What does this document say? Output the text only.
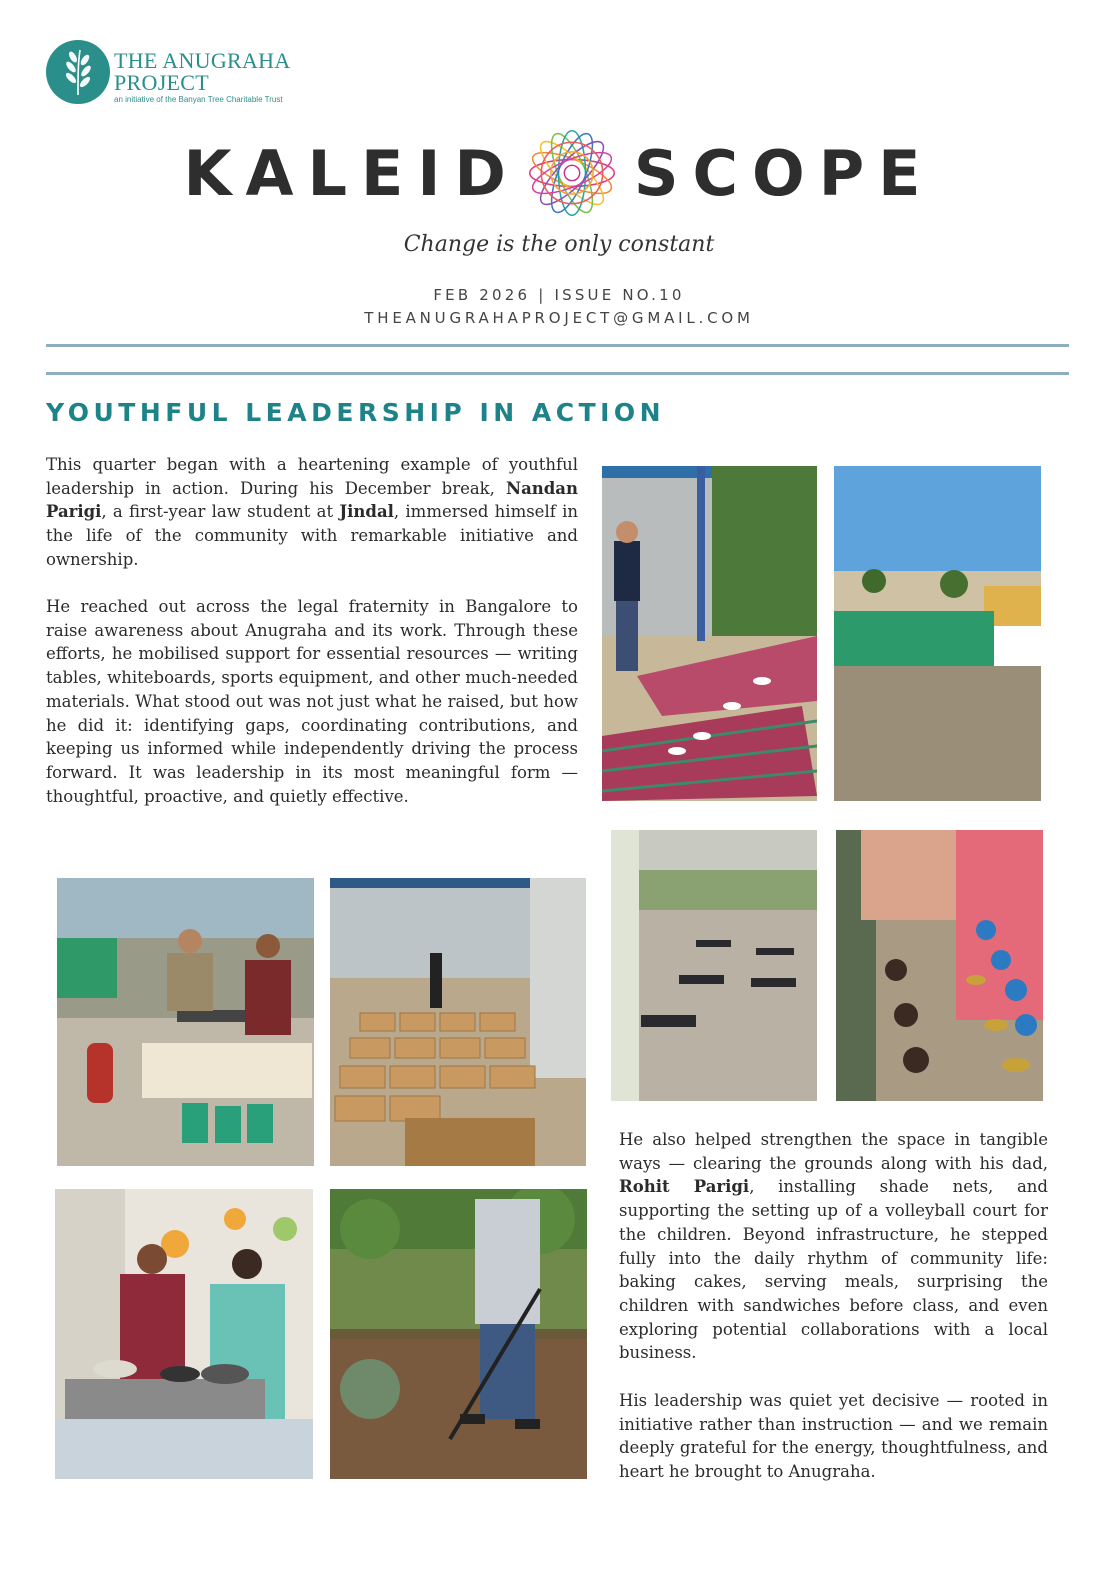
THE ANUGRAHA
PROJECT
an initiative of the Banyan Tree Charitable Trust
KALEID SCOPE
Change is the only constant
FEB 2026 | ISSUE NO.10
THEANUGRAHAPROJECT@GMAIL.COM
YOUTHFUL LEADERSHIP IN ACTION

This quarter began with a heartening example of youthful leadership in action. During his December break, Nandan Parigi, a first-year law student at Jindal, immersed himself in the life of the community with remarkable initiative and ownership.

He reached out across the legal fraternity in Bangalore to raise awareness about Anugraha and its work. Through these efforts, he mobilised support for essential resources — writing tables, whiteboards, sports equipment, and other much-needed materials. What stood out was not just what he raised, but how he did it: identifying gaps, coordinating contributions, and keeping us informed while independently driving the process forward. It was leadership in its most meaningful form — thoughtful, proactive, and quietly effective.

He also helped strengthen the space in tangible ways — clearing the grounds along with his dad, Rohit Parigi, installing shade nets, and supporting the setting up of a volleyball court for the children. Beyond infrastructure, he stepped fully into the daily rhythm of community life: baking cakes, serving meals, surprising the children with sandwiches before class, and even exploring potential collaborations with a local business.

His leadership was quiet yet decisive — rooted in initiative rather than instruction — and we remain deeply grateful for the energy, thoughtfulness, and heart he brought to Anugraha.
